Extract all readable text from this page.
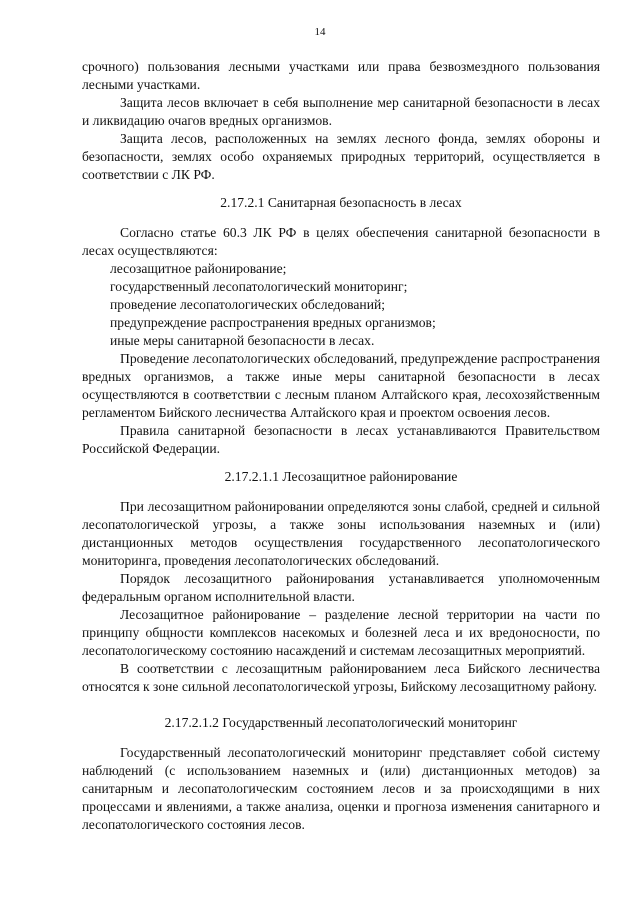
14

срочного) пользования лесными участками или права безвозмездного пользования лесными участками.

Защита лесов включает в себя выполнение мер санитарной безопасности в лесах и ликвидацию очагов вредных организмов.

Защита лесов, расположенных на землях лесного фонда, землях обороны и безопасности, землях особо охраняемых природных территорий, осуществляется в соответствии с ЛК РФ.

2.17.2.1 Санитарная безопасность в лесах

Согласно статье 60.3 ЛК РФ в целях обеспечения санитарной безопасности в лесах осуществляются:

лесозащитное районирование;

государственный лесопатологический мониторинг;

проведение лесопатологических обследований;

предупреждение распространения вредных организмов;

иные меры санитарной безопасности в лесах.

Проведение лесопатологических обследований, предупреждение распространения вредных организмов, а также иные меры санитарной безопасности в лесах осуществляются в соответствии с лесным планом Алтайского края, лесохозяйственным регламентом Бийского лесничества Алтайского края и проектом освоения лесов.

Правила санитарной безопасности в лесах устанавливаются Правительством Российской Федерации.

2.17.2.1.1 Лесозащитное районирование

При лесозащитном районировании определяются зоны слабой, средней и сильной лесопатологической угрозы, а также зоны использования наземных и (или) дистанционных методов осуществления государственного лесопатологического мониторинга, проведения лесопатологических обследований.

Порядок лесозащитного районирования устанавливается уполномоченным федеральным органом исполнительной власти.

Лесозащитное районирование – разделение лесной территории на части по принципу общности комплексов насекомых и болезней леса и их вредоносности, по лесопатологическому состоянию насаждений и системам лесозащитных мероприятий.

В соответствии с лесозащитным районированием леса Бийского лесничества относятся к зоне сильной лесопатологической угрозы, Бийскому лесозащитному району.

2.17.2.1.2 Государственный лесопатологический мониторинг

Государственный лесопатологический мониторинг представляет собой систему наблюдений (с использованием наземных и (или) дистанционных методов) за санитарным и лесопатологическим состоянием лесов и за происходящими в них процессами и явлениями, а также анализа, оценки и прогноза изменения санитарного и лесопатологического состояния лесов.
